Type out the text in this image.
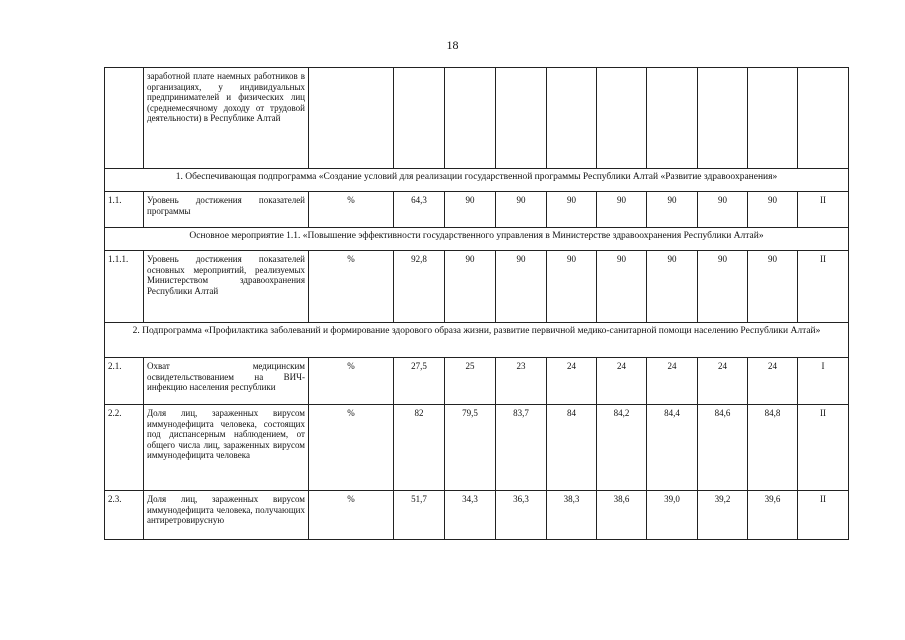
18
	заработной плате наемных работников в организациях, у индивидуальных предпринимателей и физических лиц (среднемесячному доходу от трудовой деятельности) в Республике Алтай										
1. Обеспечивающая подпрограмма «Создание условий для реализации государственной программы Республики Алтай «Развитие здравоохранения»											
1.1.	Уровень достижения показателей программы	%	64,3	90	90	90	90	90	90	90	II
Основное мероприятие 1.1. «Повышение эффективности государственного управления в Министерстве здравоохранения Республики Алтай»											
1.1.1.	Уровень достижения показателей основных мероприятий, реализуемых Министерством здравоохранения Республики Алтай	%	92,8	90	90	90	90	90	90	90	II
2. Подпрограмма «Профилактика заболеваний и формирование здорового образа жизни, развитие первичной медико-санитарной помощи населению Республики Алтай»											
2.1.	Охват медицинским освидетельствованием на ВИЧ-инфекцию населения республики	%	27,5	25	23	24	24	24	24	24	I
2.2.	Доля лиц, зараженных вирусом иммунодефицита человека, состоящих под диспансерным наблюдением, от общего числа лиц, зараженных вирусом иммунодефицита человека	%	82	79,5	83,7	84	84,2	84,4	84,6	84,8	II
2.3.	Доля лиц, зараженных вирусом иммунодефицита человека, получающих антиретровирусную	%	51,7	34,3	36,3	38,3	38,6	39,0	39,2	39,6	II
